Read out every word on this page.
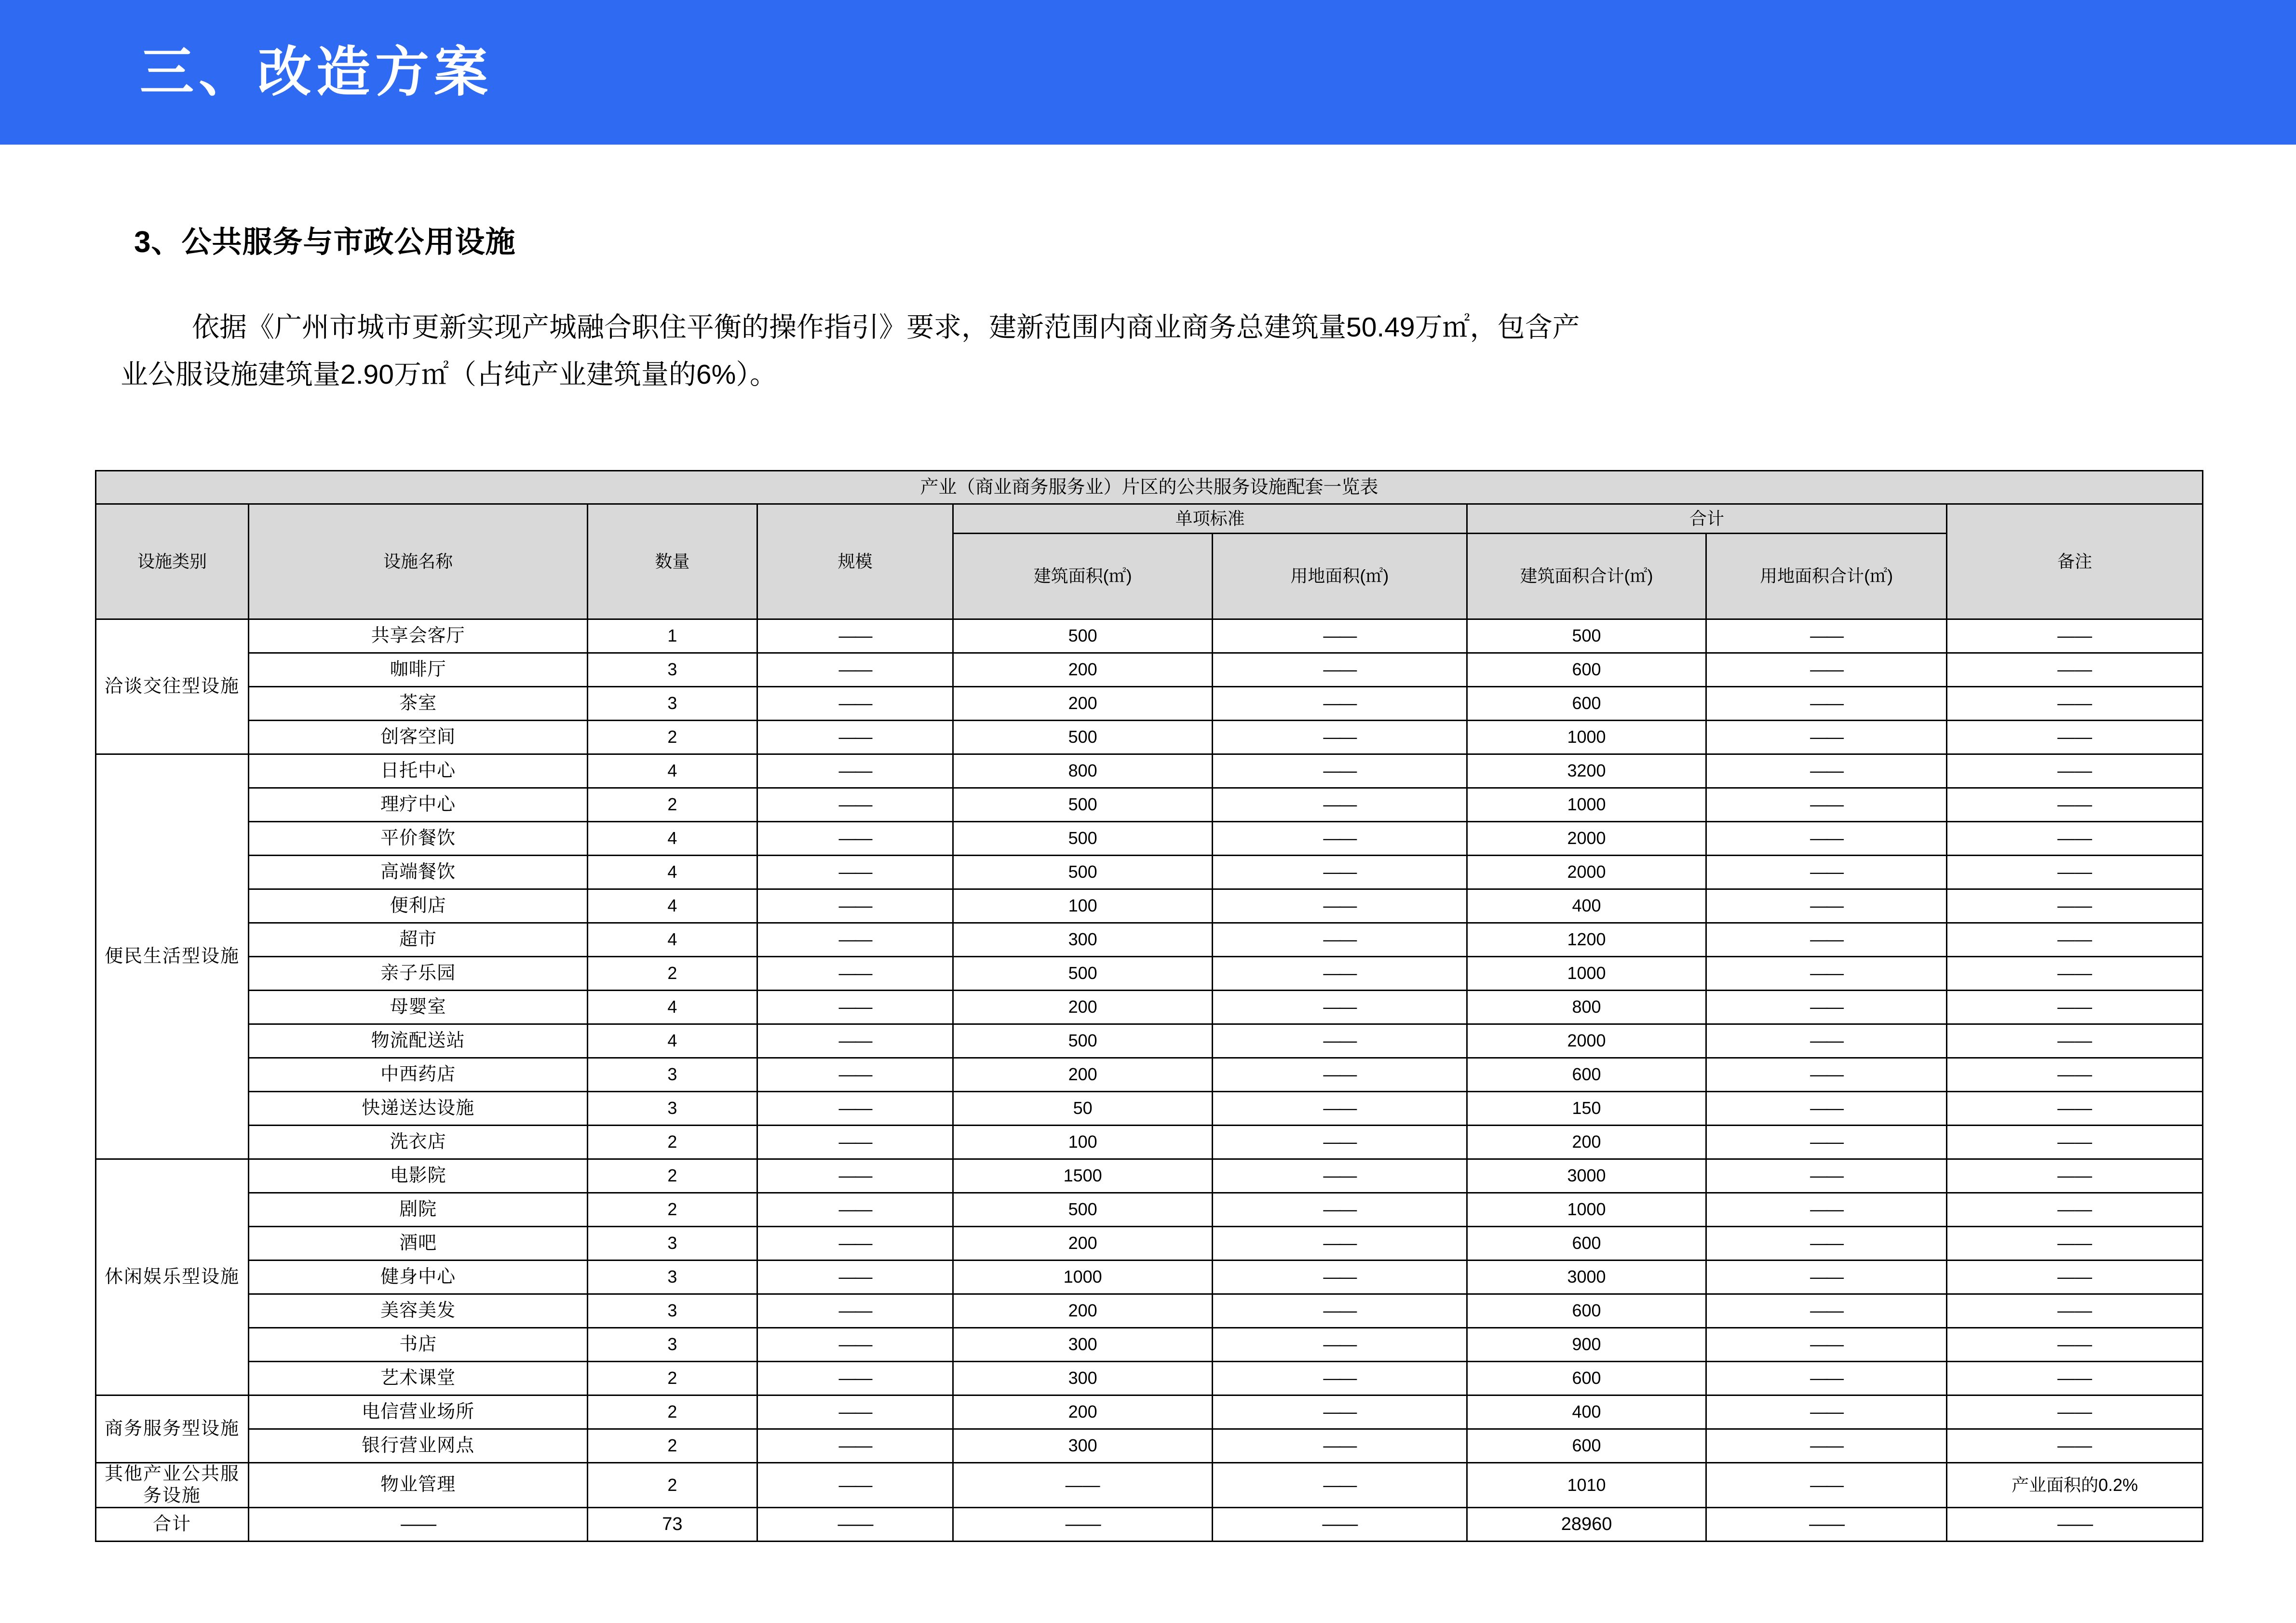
三、改造方案
3、公共服务与市政公用设施
依据《广州市城市更新实现产城融合职住平衡的操作指引》要求，建新范围内商业商务总建筑量50.49万㎡，包含产
业公服设施建筑量2.90万㎡（占纯产业建筑量的6%）。
产业（商业商务服务业）片区的公共服务设施配套一览表								
设施类别	设施名称	数量	规模	单项标准		合计		备注
				建筑面积(㎡)	用地面积(㎡)	建筑面积合计(㎡)	用地面积合计(㎡)	
洽谈交往型设施	共享会客厅	1	——	500	——	500	——	——
	咖啡厅	3	——	200	——	600	——	——
	茶室	3	——	200	——	600	——	——
	创客空间	2	——	500	——	1000	——	——
便民生活型设施	日托中心	4	——	800	——	3200	——	——
	理疗中心	2	——	500	——	1000	——	——
	平价餐饮	4	——	500	——	2000	——	——
	高端餐饮	4	——	500	——	2000	——	——
	便利店	4	——	100	——	400	——	——
	超市	4	——	300	——	1200	——	——
	亲子乐园	2	——	500	——	1000	——	——
	母婴室	4	——	200	——	800	——	——
	物流配送站	4	——	500	——	2000	——	——
	中西药店	3	——	200	——	600	——	——
	快递送达设施	3	——	50	——	150	——	——
	洗衣店	2	——	100	——	200	——	——
休闲娱乐型设施	电影院	2	——	1500	——	3000	——	——
	剧院	2	——	500	——	1000	——	——
	酒吧	3	——	200	——	600	——	——
	健身中心	3	——	1000	——	3000	——	——
	美容美发	3	——	200	——	600	——	——
	书店	3	——	300	——	900	——	——
	艺术课堂	2	——	300	——	600	——	——
商务服务型设施	电信营业场所	2	——	200	——	400	——	——
	银行营业网点	2	——	300	——	600	——	——
其他产业公共服务设施	物业管理	2	——	——	——	1010	——	产业面积的0.2%
合计	——	73	——	——	——	28960	——	——
